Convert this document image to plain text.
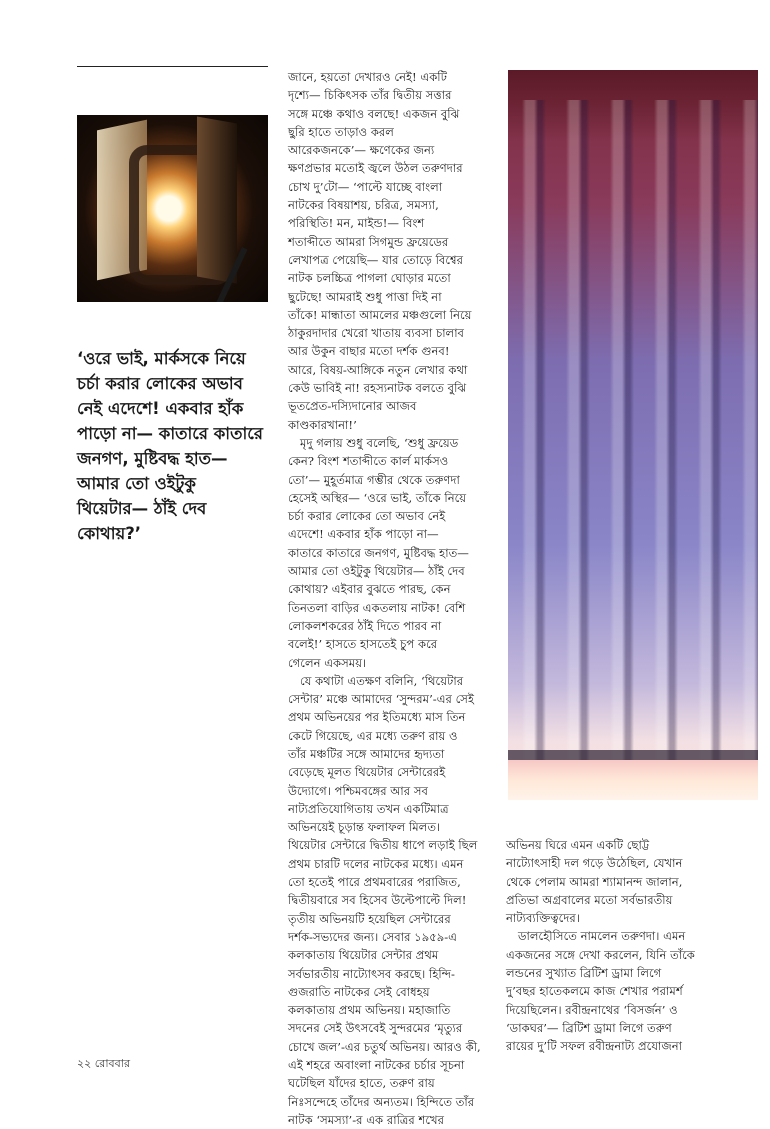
‘ওরে ভাই, মার্কসকে নিয়ে
চর্চা করার লোকের অভাব
নেই এদেশে! একবার হাঁক
পাড়ো না— কাতারে কাতারে
জনগণ, মুষ্টিবদ্ধ হাত—
আমার তো ওইটুকু
থিয়েটার— ঠাঁই দেব
কোথায়?’
জানে, হয়তো দেখারও নেই! একটি
দৃশ্যে— চিকিৎসক তাঁর দ্বিতীয় সত্তার
সঙ্গে মঞ্চে কথাও বলছে! একজন বুঝি
ছুরি হাতে তাড়াও করল
আরেকজনকে’— ক্ষণেকের জন্য
ক্ষণপ্রভার মতোই জ্বলে উঠল তরুণদার
চোখ দু’টো— ‘পাল্টে যাচ্ছে বাংলা
নাটকের বিষয়াশয়, চরিত্র, সমস্যা,
পরিস্থিতি! মন, মাইন্ড!— বিংশ
শতাব্দীতে আমরা সিগমুন্ড ফ্রয়েডের
লেখাপত্র পেয়েছি— যার তোড়ে বিশ্বের
নাটক চলচ্চিত্র পাগলা ঘোড়ার মতো
ছুটেছে! আমরাই শুধু পাত্তা দিই না
তাঁকে! মান্ধাতা আমলের মঞ্চগুলো নিয়ে
ঠাকুরদাদার খেরো খাতায় ব্যবসা চালাব
আর উকুন বাছার মতো দর্শক গুনব!
আরে, বিষয়-আঙ্গিকে নতুন লেখার কথা
কেউ ভাবিই না! রহস্যনাটক বলতে বুঝি
ভূতপ্রেত-দস্যিদানোর আজব
কাণ্ডকারখানা!’
মৃদু গলায় শুধু বলেছি, ‘শুধু ফ্রয়েড
কেন? বিংশ শতাব্দীতে কার্ল মার্কসও
তো’— মুহূর্তমাত্র গম্ভীর থেকে তরুণদা
হেসেই অস্থির— ‘ওরে ভাই, তাঁকে নিয়ে
চর্চা করার লোকের তো অভাব নেই
এদেশে! একবার হাঁক পাড়ো না—
কাতারে কাতারে জনগণ, মুষ্টিবদ্ধ হাত—
আমার তো ওইটুকু থিয়েটার— ঠাঁই দেব
কোথায়? এইবার বুঝতে পারছ, কেন
তিনতলা বাড়ির একতলায় নাটক! বেশি
লোকলশকরের ঠাঁই দিতে পারব না
বলেই!’ হাসতে হাসতেই চুপ করে
গেলেন একসময়।
যে কথাটা এতক্ষণ বলিনি, ‘থিয়েটার
সেন্টার’ মঞ্চে আমাদের ‘সুন্দরম’-এর সেই
প্রথম অভিনয়ের পর ইতিমধ্যে মাস তিন
কেটে গিয়েছে, এর মধ্যে তরুণ রায় ও
তাঁর মঞ্চটির সঙ্গে আমাদের হৃদ্যতা
বেড়েছে মূলত থিয়েটার সেন্টারেরই
উদ্যোগে। পশ্চিমবঙ্গের আর সব
নাট্যপ্রতিযোগিতায় তখন একটিমাত্র
অভিনয়েই চূড়ান্ত ফলাফল মিলত।
থিয়েটার সেন্টারে দ্বিতীয় ধাপে লড়াই ছিল
প্রথম চারটি দলের নাটকের মধ্যে। এমন
তো হতেই পারে প্রথমবারের পরাজিত,
দ্বিতীয়বারে সব হিসেব উল্টেপাল্টে দিল!
তৃতীয় অভিনয়টি হয়েছিল সেন্টারের
দর্শক-সভ্যদের জন্য। সেবার ১৯৫৯-এ
কলকাতায় থিয়েটার সেন্টার প্রথম
সর্বভারতীয় নাট্যোৎসব করছে। হিন্দি-
গুজরাতি নাটকের সেই বোধহয়
কলকাতায় প্রথম অভিনয়। মহাজাতি
সদনের সেই উৎসবেই সুন্দরমের ‘মৃত্যুর
চোখে জল’-এর চতুর্থ অভিনয়। আরও কী,
এই শহরে অবাংলা নাটকের চর্চার সূচনা
ঘটেছিল যাঁদের হাতে, তরুণ রায়
নিঃসন্দেহে তাঁদের অন্যতম। হিন্দিতে তাঁর
নাটক ‘সমস্যা’-র এক রাত্রির শখের
অভিনয় ঘিরে এমন একটি ছোট্ট
নাট্যোৎসাহী দল গড়ে উঠেছিল, যেখান
থেকে পেলাম আমরা শ্যামানন্দ জালান,
প্রতিভা অগ্রবালের মতো সর্বভারতীয়
নাট্যব্যক্তিত্বদের।
ডালহৌসিতে নামলেন তরুণদা। এমন
একজনের সঙ্গে দেখা করলেন, যিনি তাঁকে
লন্ডনের সুখ্যাত ব্রিটিশ ড্রামা লিগে
দু’বছর হাতেকলমে কাজ শেখার পরামর্শ
দিয়েছিলেন। রবীন্দ্রনাথের ‘বিসর্জন’ ও
‘ডাকঘর’— ব্রিটিশ ড্রামা লিগে তরুণ
রায়ের দু’টি সফল রবীন্দ্রনাট্য প্রযোজনা
২২ রোববার
